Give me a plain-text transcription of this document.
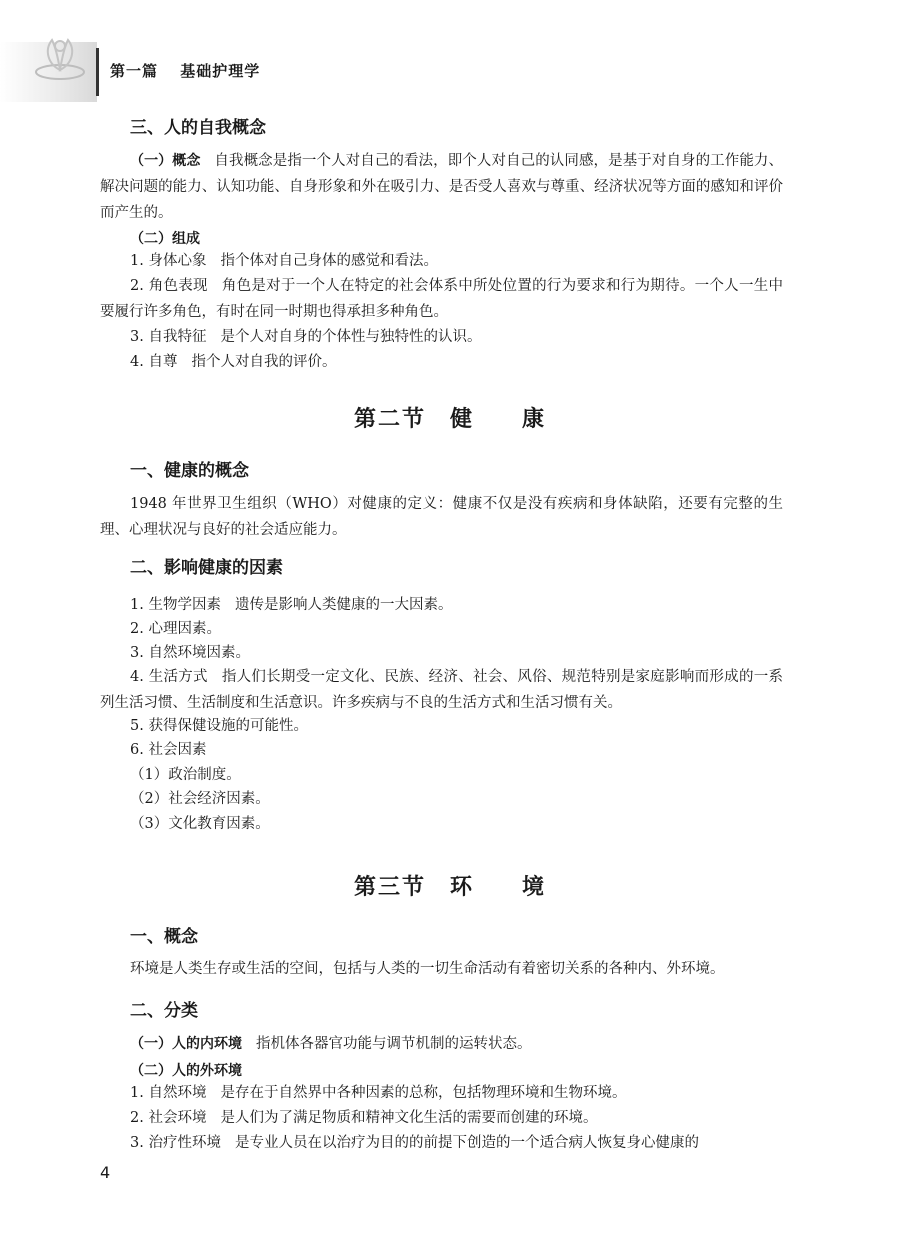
第一篇 基础护理学
三、人的自我概念

（一）概念 自我概念是指一个人对自己的看法，即个人对自己的认同感，是基于对自身的工作能力、解决问题的能力、认知功能、自身形象和外在吸引力、是否受人喜欢与尊重、经济状况等方面的感知和评价而产生的。

（二）组成

1. 身体心象 指个体对自己身体的感觉和看法。

2. 角色表现 角色是对于一个人在特定的社会体系中所处位置的行为要求和行为期待。一个人一生中要履行许多角色，有时在同一时期也得承担多种角色。

3. 自我特征 是个人对自身的个体性与独特性的认识。

4. 自尊 指个人对自我的评价。

第二节　健　　康
一、健康的概念

1948 年世界卫生组织（WHO）对健康的定义：健康不仅是没有疾病和身体缺陷，还要有完整的生理、心理状况与良好的社会适应能力。

二、影响健康的因素

1. 生物学因素 遗传是影响人类健康的一大因素。

2. 心理因素。

3. 自然环境因素。

4. 生活方式 指人们长期受一定文化、民族、经济、社会、风俗、规范特别是家庭影响而形成的一系列生活习惯、生活制度和生活意识。许多疾病与不良的生活方式和生活习惯有关。

5. 获得保健设施的可能性。

6. 社会因素

（1）政治制度。

（2）社会经济因素。

（3）文化教育因素。

第三节　环　　境
一、概念

环境是人类生存或生活的空间，包括与人类的一切生命活动有着密切关系的各种内、外环境。

二、分类

（一）人的内环境 指机体各器官功能与调节机制的运转状态。

（二）人的外环境

1. 自然环境 是存在于自然界中各种因素的总称，包括物理环境和生物环境。

2. 社会环境 是人们为了满足物质和精神文化生活的需要而创建的环境。

3. 治疗性环境 是专业人员在以治疗为目的的前提下创造的一个适合病人恢复身心健康的

4
